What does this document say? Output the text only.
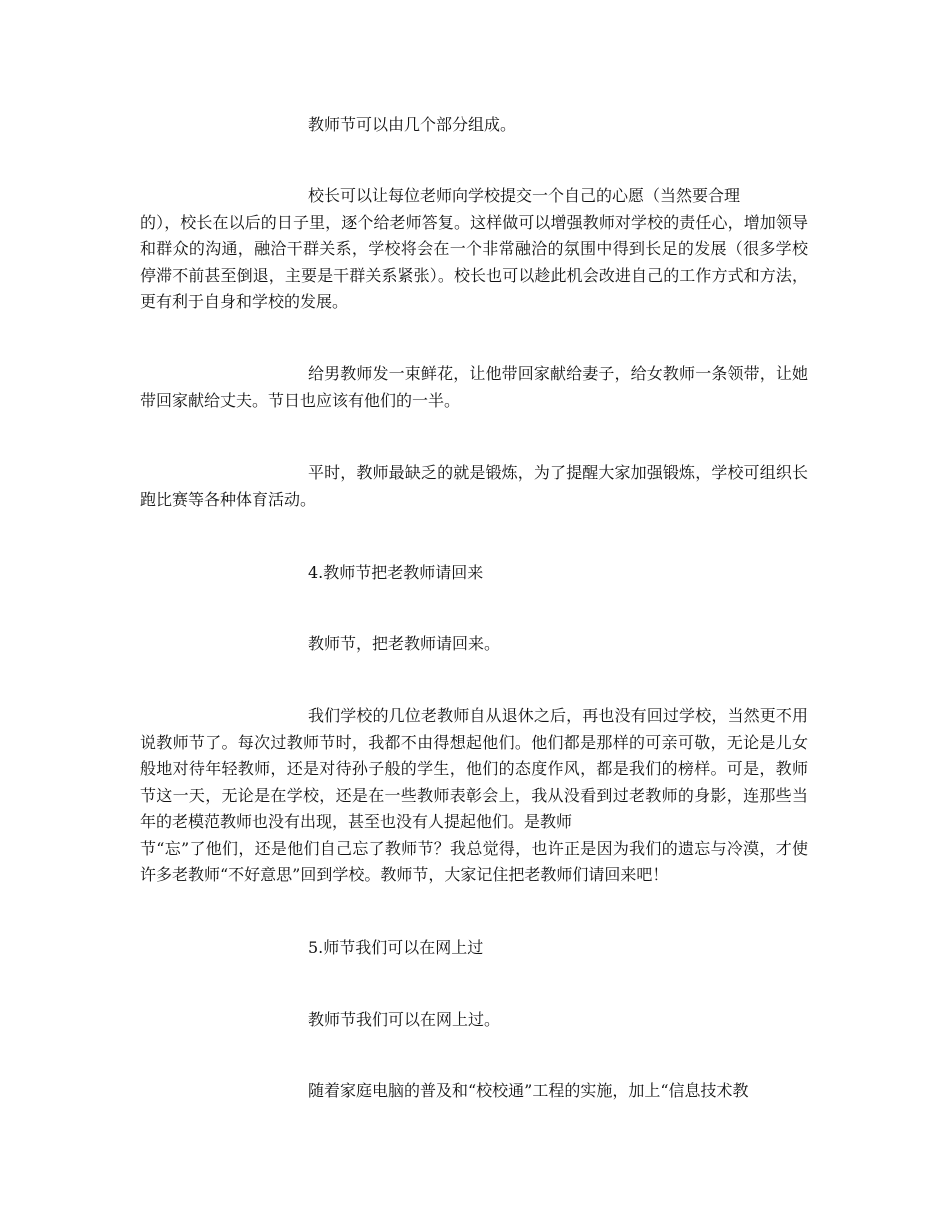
教师节可以由几个部分组成。

校长可以让每位老师向学校提交一个自己的心愿（当然要合理
的），校长在以后的日子里，逐个给老师答复。这样做可以增强教师对学校的责任心，增加领导和群众的沟通，融洽干群关系，学校将会在一个非常融洽的氛围中得到长足的发展（很多学校停滞不前甚至倒退，主要是干群关系紧张）。校长也可以趁此机会改进自己的工作方式和方法，更有利于自身和学校的发展。

给男教师发一束鲜花，让他带回家献给妻子，给女教师一条领带，让她带回家献给丈夫。节日也应该有他们的一半。

平时，教师最缺乏的就是锻炼，为了提醒大家加强锻炼，学校可组织长跑比赛等各种体育活动。

4.教师节把老教师请回来

教师节，把老教师请回来。

我们学校的几位老教师自从退休之后，再也没有回过学校，当然更不用说教师节了。每次过教师节时，我都不由得想起他们。他们都是那样的可亲可敬，无论是儿女般地对待年轻教师，还是对待孙子般的学生，他们的态度作风，都是我们的榜样。可是，教师节这一天，无论是在学校，还是在一些教师表彰会上，我从没看到过老教师的身影，连那些当年的老模范教师也没有出现，甚至也没有人提起他们。是教师
节“忘”了他们，还是他们自己忘了教师节？我总觉得，也许正是因为我们的遗忘与冷漠，才使许多老教师“不好意思”回到学校。教师节，大家记住把老教师们请回来吧！

5.师节我们可以在网上过

教师节我们可以在网上过。

随着家庭电脑的普及和“校校通”工程的实施，加上“信息技术教
